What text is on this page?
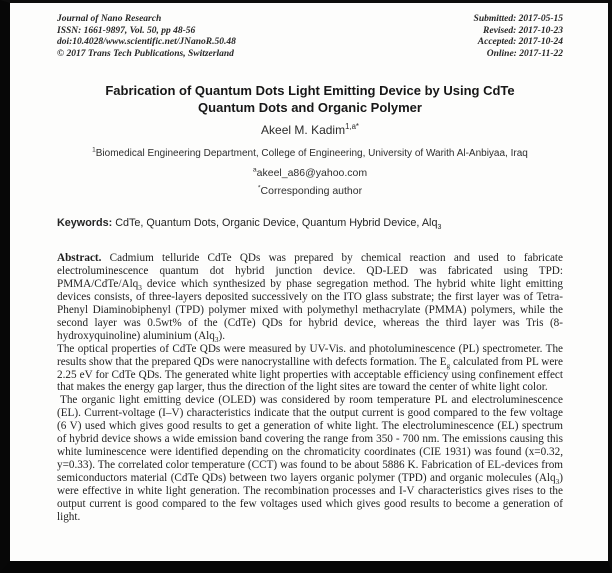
Journal of Nano Research
ISSN: 1661-9897, Vol. 50, pp 48-56
doi:10.4028/www.scientific.net/JNanoR.50.48
© 2017 Trans Tech Publications, Switzerland
Submitted: 2017-05-15
Revised: 2017-10-23
Accepted: 2017-10-24
Online: 2017-11-22
Fabrication of Quantum Dots Light Emitting Device by Using CdTe Quantum Dots and Organic Polymer
Akeel M. Kadim$^{1,a*}$
$^1$Biomedical Engineering Department, College of Engineering, University of Warith Al-Anbiyaa, Iraq
$^a$akeel_a86@yahoo.com
*Corresponding author
Keywords: CdTe, Quantum Dots, Organic Device, Quantum Hybrid Device, Alq$_3$

Abstract. Cadmium telluride CdTe QDs was prepared by chemical reaction and used to fabricate electroluminescence quantum dot hybrid junction device. QD-LED was fabricated using TPD: PMMA/CdTe/Alq$_3$ device which synthesized by phase segregation method. The hybrid white light emitting devices consists, of three-layers deposited successively on the ITO glass substrate; the first layer was of Tetra-Phenyl Diaminobiphenyl (TPD) polymer mixed with polymethyl methacrylate (PMMA) polymers, while the second layer was 0.5wt% of the (CdTe) QDs for hybrid device, whereas the third layer was Tris (8-hydroxyquinoline) aluminium (Alq$_3$).

The optical properties of CdTe QDs were measured by UV-Vis. and photoluminescence (PL) spectrometer. The results show that the prepared QDs were nanocrystalline with defects formation. The $E_g$ calculated from PL were 2.25 eV for CdTe QDs. The generated white light properties with acceptable efficiency using confinement effect that makes the energy gap larger, thus the direction of the light sites are toward the center of white light color.

The organic light emitting device (OLED) was considered by room temperature PL and electroluminescence (EL). Current-voltage (I–V) characteristics indicate that the output current is good compared to the few voltage (6 V) used which gives good results to get a generation of white light. The electroluminescence (EL) spectrum of hybrid device shows a wide emission band covering the range from 350 - 700 nm. The emissions causing this white luminescence were identified depending on the chromaticity coordinates (CIE 1931) was found (x=0.32, y=0.33). The correlated color temperature (CCT) was found to be about 5886 K. Fabrication of EL-devices from semiconductors material (CdTe QDs) between two layers organic polymer (TPD) and organic molecules (Alq$_3$) were effective in white light generation. The recombination processes and I-V characteristics gives rises to the output current is good compared to the few voltages used which gives good results to become a generation of light.
